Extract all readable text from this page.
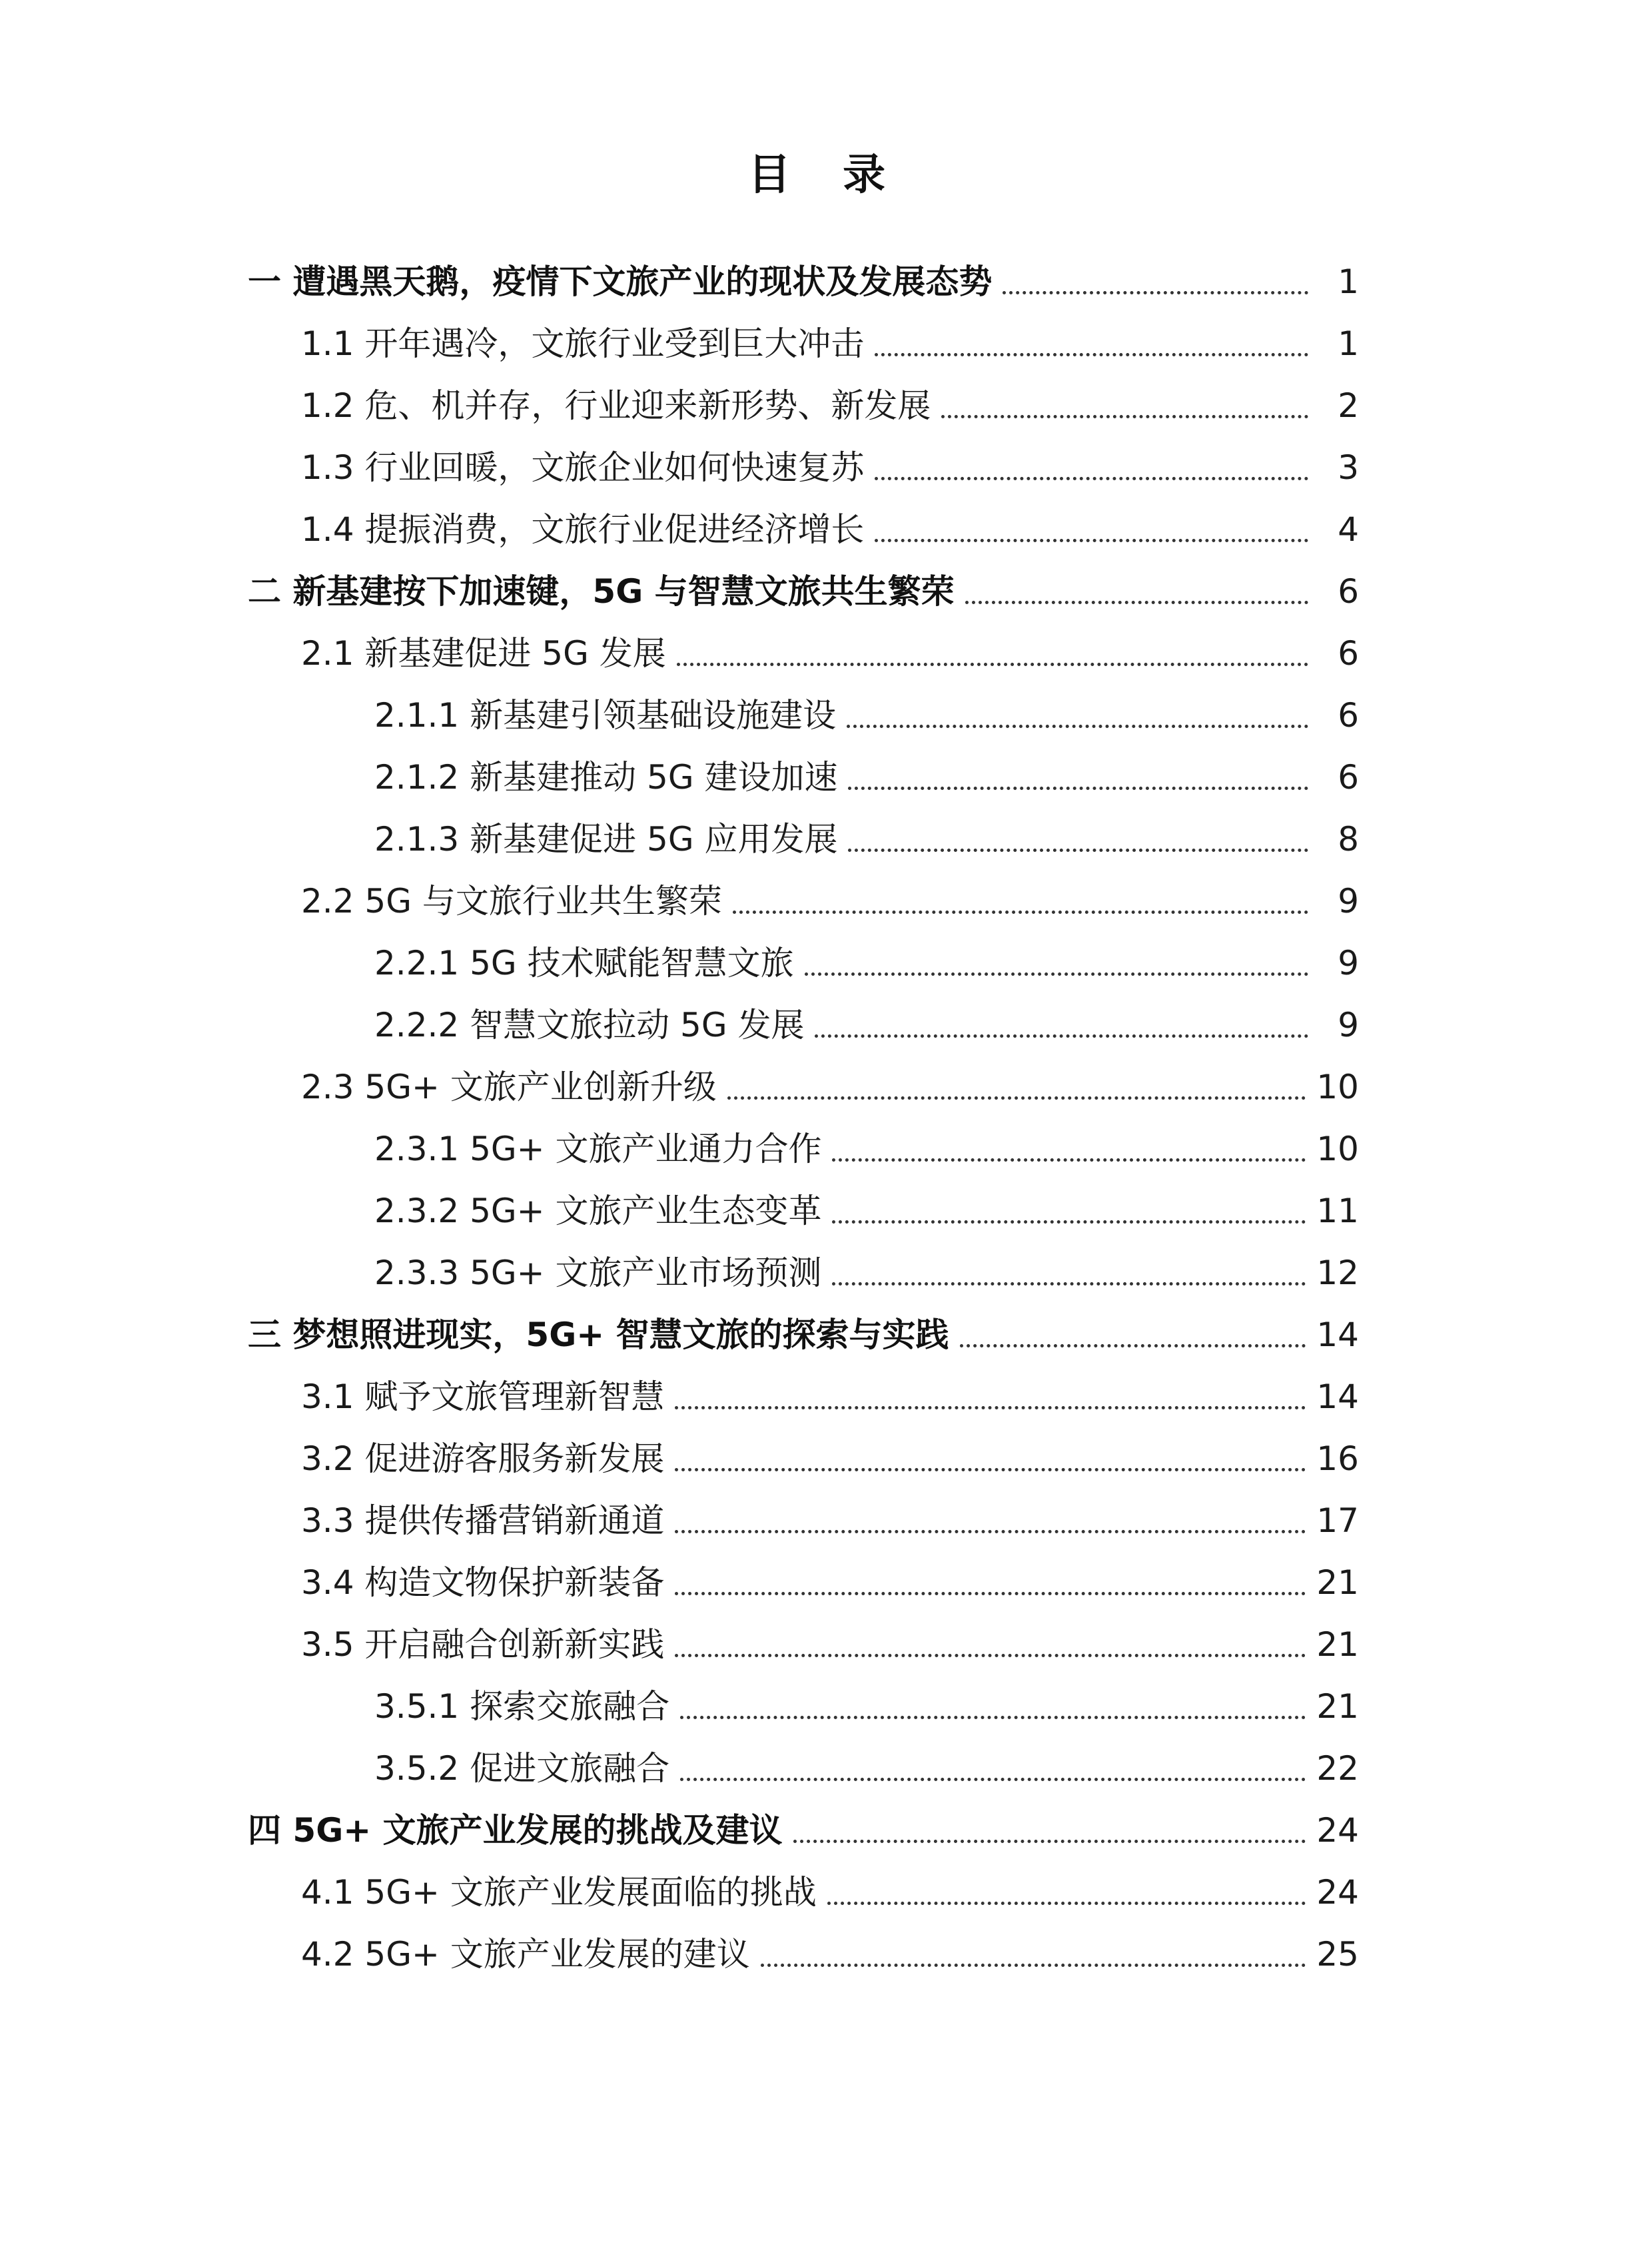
目 录
一 遭遇黑天鹅，疫情下文旅产业的现状及发展态势	1
1.1 开年遇冷，文旅行业受到巨大冲击	1
1.2 危、机并存，行业迎来新形势、新发展	2
1.3 行业回暖，文旅企业如何快速复苏	3
1.4 提振消费，文旅行业促进经济增长	4
二 新基建按下加速键，5G 与智慧文旅共生繁荣	6
2.1 新基建促进 5G 发展	6
2.1.1 新基建引领基础设施建设	6
2.1.2 新基建推动 5G 建设加速	6
2.1.3 新基建促进 5G 应用发展	8
2.2 5G 与文旅行业共生繁荣	9
2.2.1 5G 技术赋能智慧文旅	9
2.2.2 智慧文旅拉动 5G 发展	9
2.3 5G+ 文旅产业创新升级	10
2.3.1 5G+ 文旅产业通力合作	10
2.3.2 5G+ 文旅产业生态变革	11
2.3.3 5G+ 文旅产业市场预测	12
三 梦想照进现实，5G+ 智慧文旅的探索与实践	14
3.1 赋予文旅管理新智慧	14
3.2 促进游客服务新发展	16
3.3 提供传播营销新通道	17
3.4 构造文物保护新装备	21
3.5 开启融合创新新实践	21
3.5.1 探索交旅融合	21
3.5.2 促进文旅融合	22
四 5G+ 文旅产业发展的挑战及建议	24
4.1 5G+ 文旅产业发展面临的挑战	24
4.2 5G+ 文旅产业发展的建议	25
